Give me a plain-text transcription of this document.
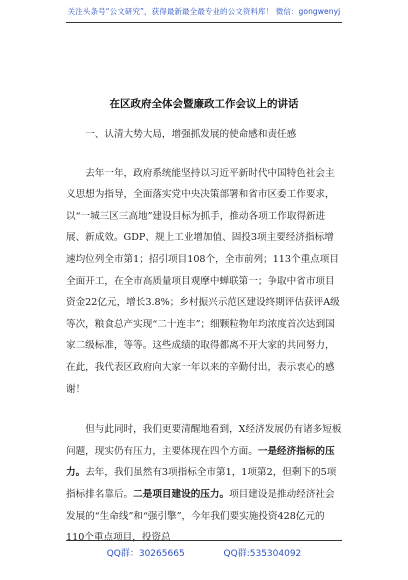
关注头条号“公文研究”，获得最新最全最专业的公文资料库！ 微信：gongwenyj
在区政府全体会暨廉政工作会议上的讲话

一、认清大势大局，增强抓发展的使命感和责任感

去年一年，政府系统能坚持以习近平新时代中国特色社会主义思想为指导，全面落实党中央决策部署和省市区委工作要求，以“一城三区三高地”建设目标为抓手，推动各项工作取得新进展、新成效。GDP、规上工业增加值、固投3项主要经济指标增速均位列全市第1；招引项目108个，全市前列；113个重点项目全面开工，在全市高质量项目观摩中蝉联第一；争取中省市项目资金22亿元，增长3.8%；乡村振兴示范区建设终期评估获评A级等次，粮食总产实现“二十连丰”；细颗粒物年均浓度首次达到国家二级标准，等等。这些成绩的取得都离不开大家的共同努力，在此，我代表区政府向大家一年以来的辛勤付出，表示衷心的感谢！

但与此同时，我们更要清醒地看到，X经济发展仍有诸多短板问题，现实仍有压力，主要体现在四个方面。一是经济指标的压力。去年，我们虽然有3项指标全市第1，1项第2，但剩下的5项指标排名靠后。二是项目建设的压力。项目建设是推动经济社会发展的“生命线”和“强引擎”，今年我们要实施投资428亿元的110个重点项目，投资总

QQ群：30265665	QQ群:535304092
